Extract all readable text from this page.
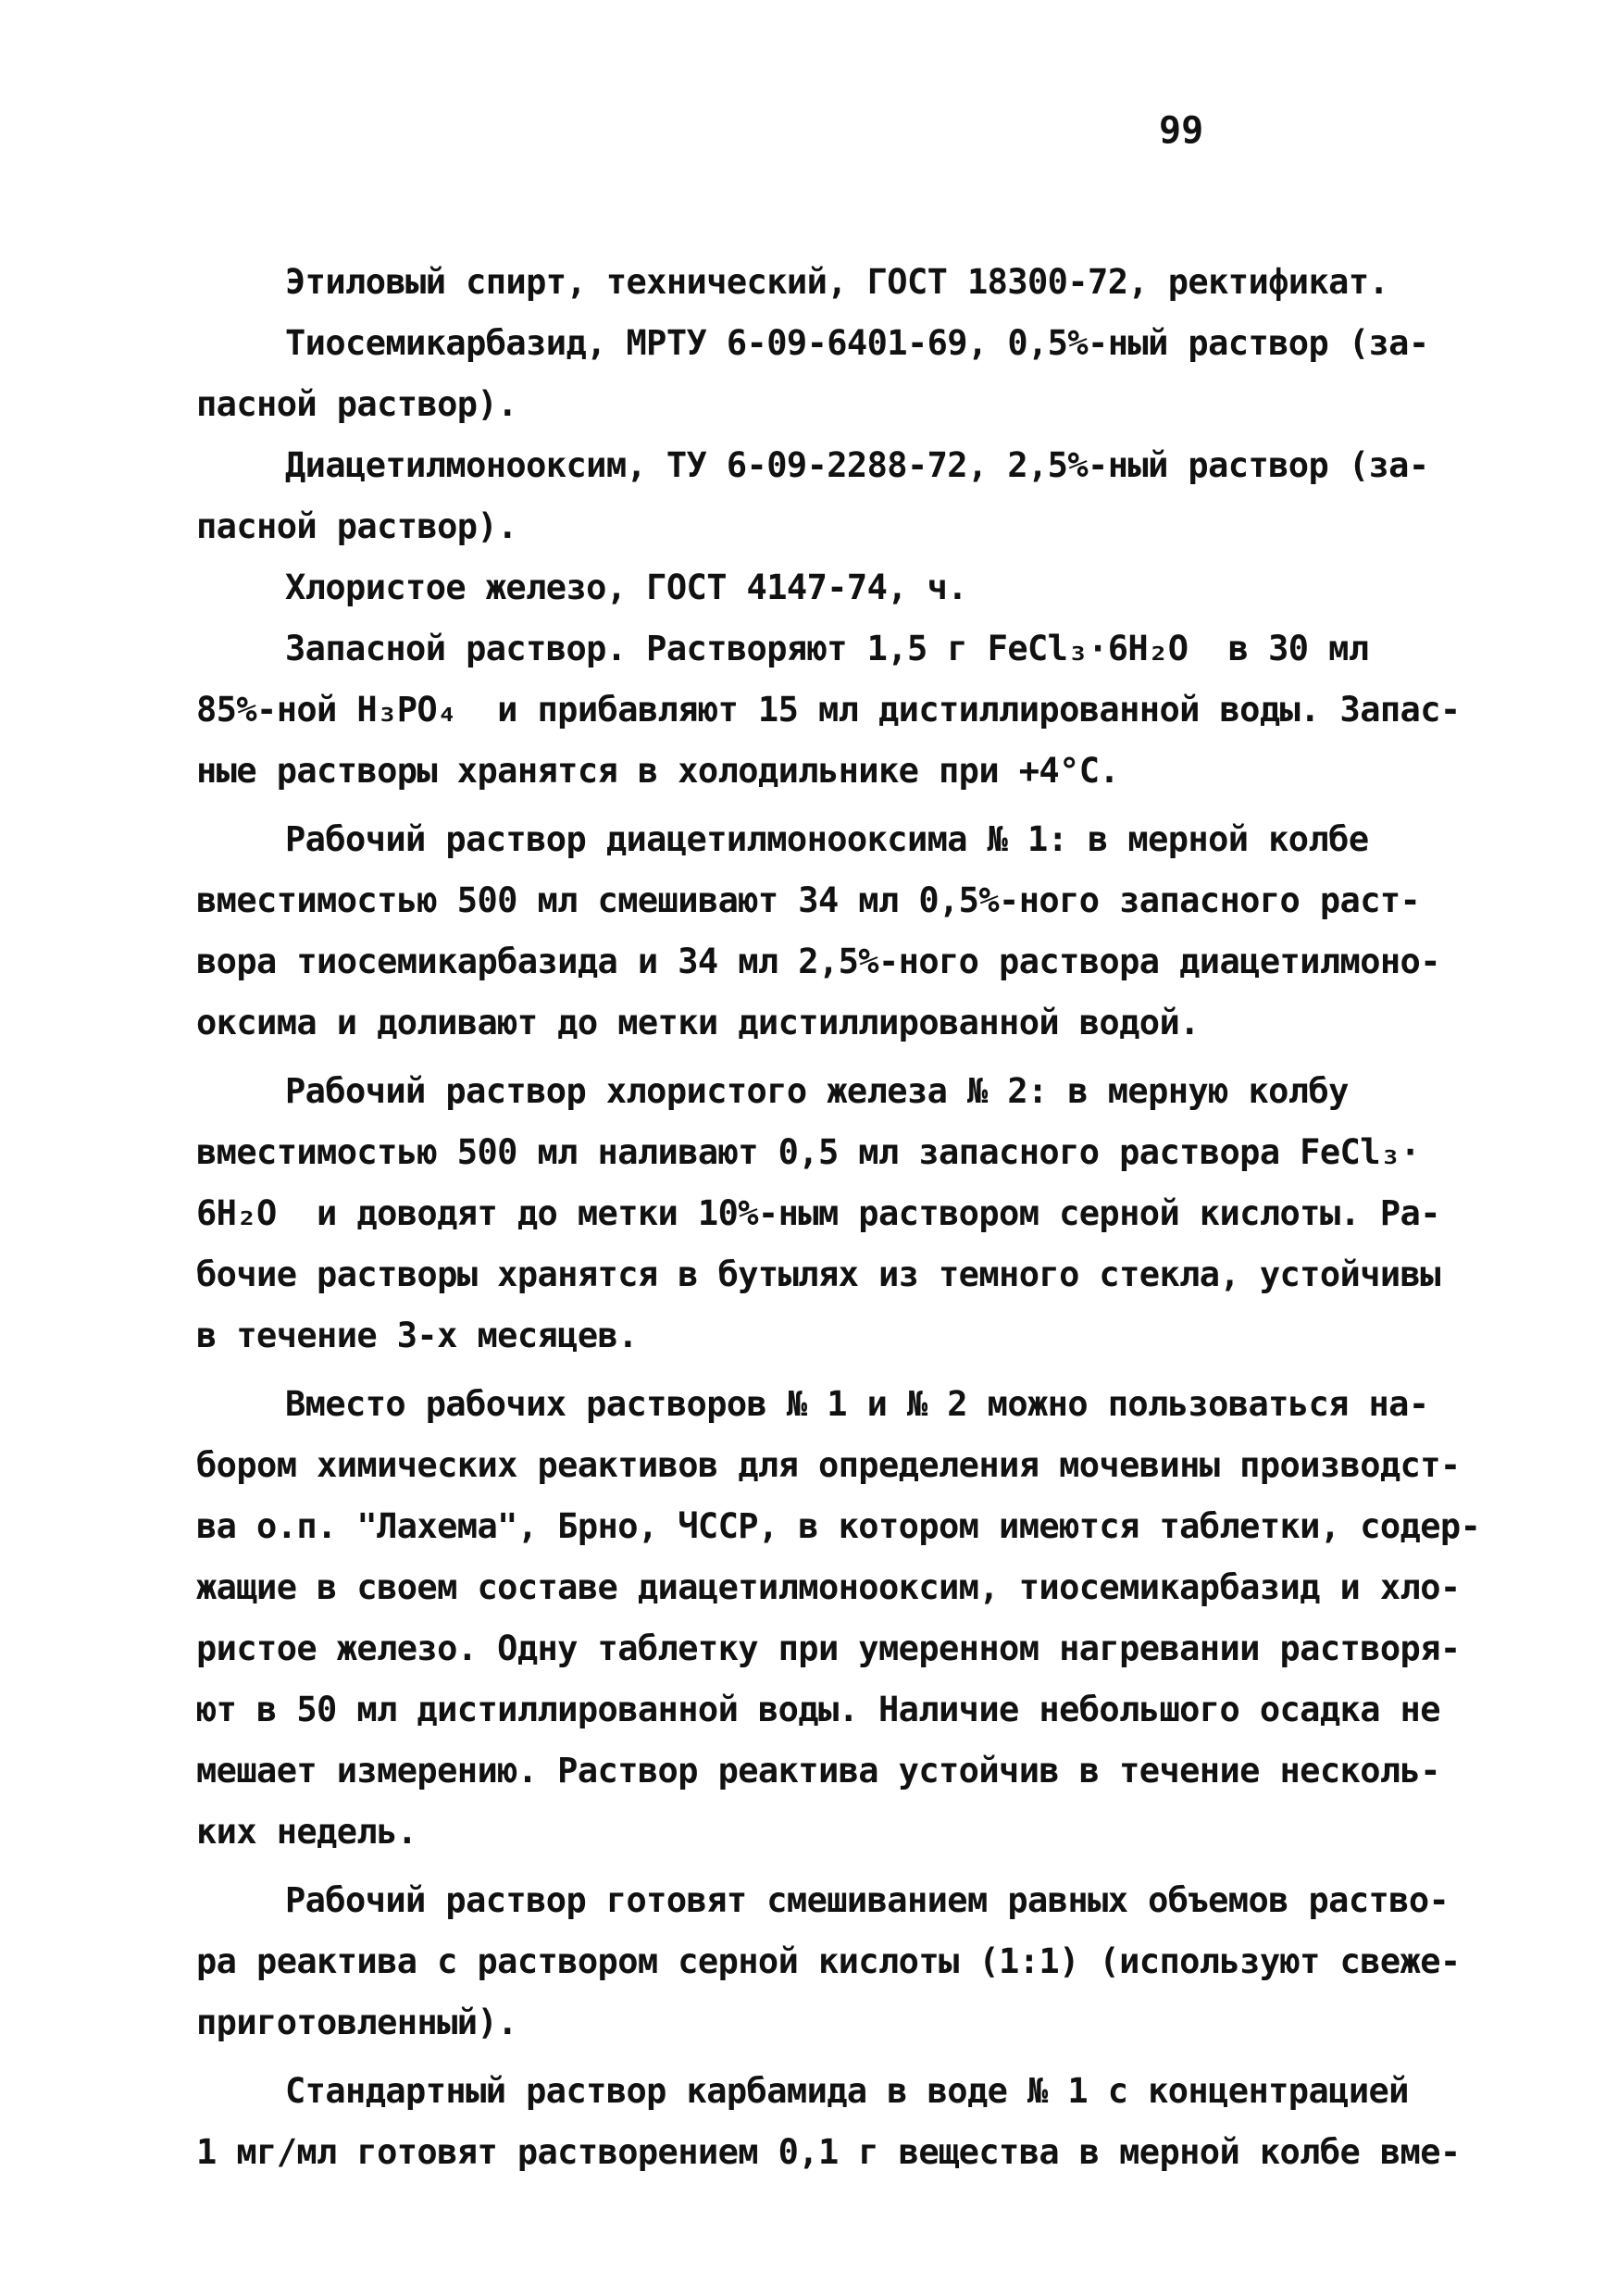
99
Этиловый спирт, технический, ГОСТ 18300-72, ректификат.
Тиосемикарбазид, МРТУ 6-09-6401-69, 0,5%-ный раствор (за-
пасной раствор).
Диацетилмонооксим, ТУ 6-09-2288-72, 2,5%-ный раствор (за-
пасной раствор).
Хлористое железо, ГОСТ 4147-74, ч.
Запасной раствор. Растворяют 1,5 г FeCl₃·6H₂O  в 30 мл
85%-ной H₃PO₄  и прибавляют 15 мл дистиллированной воды. Запас-
ные растворы хранятся в холодильнике при +4°С.
Рабочий раствор диацетилмонооксима № 1: в мерной колбе
вместимостью 500 мл смешивают 34 мл 0,5%-ного запасного раст-
вора тиосемикарбазида и 34 мл 2,5%-ного раствора диацетилмоно-
оксима и доливают до метки дистиллированной водой.
Рабочий раствор хлористого железа № 2: в мерную колбу
вместимостью 500 мл наливают 0,5 мл запасного раствора FeCl₃·
6H₂O  и доводят до метки 10%-ным раствором серной кислоты. Ра-
бочие растворы хранятся в бутылях из темного стекла, устойчивы
в течение 3-х месяцев.
Вместо рабочих растворов № 1 и № 2 можно пользоваться на-
бором химических реактивов для определения мочевины производст-
ва о.п. "Лахема", Брно, ЧССР, в котором имеются таблетки, содер-
жащие в своем составе диацетилмонооксим, тиосемикарбазид и хло-
ристое железо. Одну таблетку при умеренном нагревании растворя-
ют в 50 мл дистиллированной воды. Наличие небольшого осадка не
мешает измерению. Раствор реактива устойчив в течение несколь-
ких недель.
Рабочий раствор готовят смешиванием равных объемов раство-
ра реактива с раствором серной кислоты (1:1) (используют свеже-
приготовленный).
Стандартный раствор карбамида в воде № 1 с концентрацией
1 мг/мл готовят растворением 0,1 г вещества в мерной колбе вме-
